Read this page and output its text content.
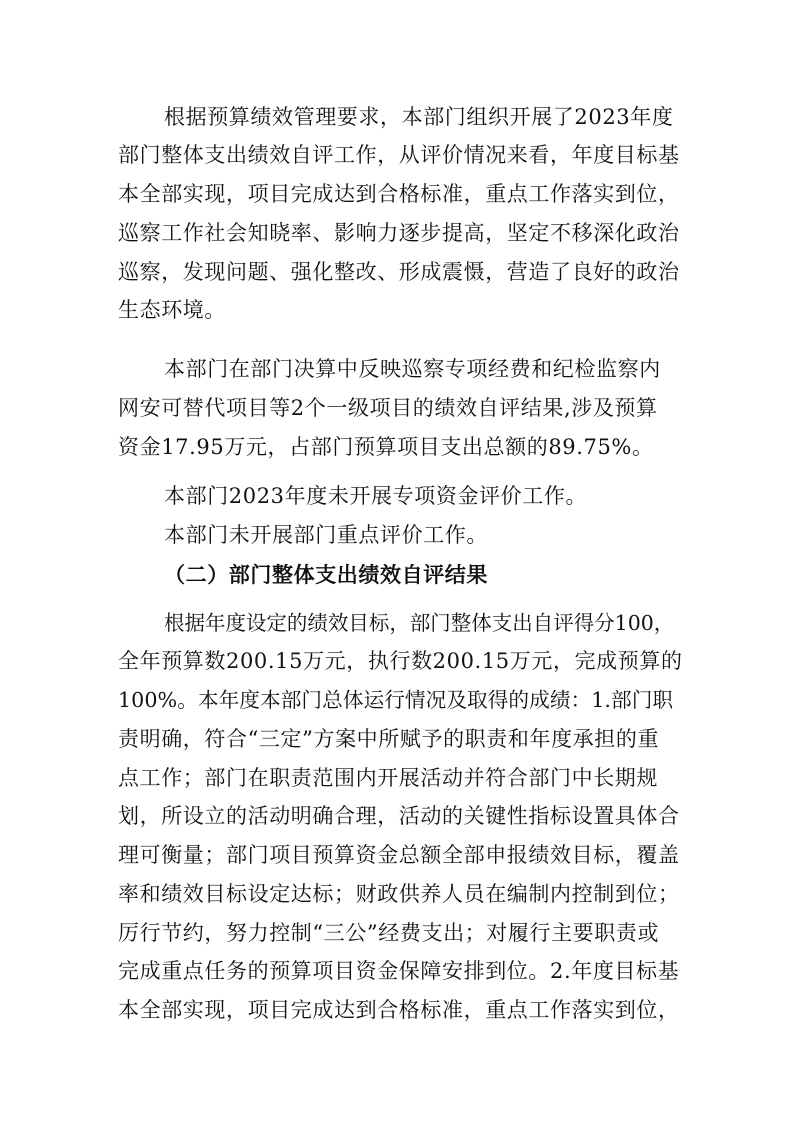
根据预算绩效管理要求，本部门组织开展了2023年度
部门整体支出绩效自评工作，从评价情况来看，年度目标基
本全部实现，项目完成达到合格标准，重点工作落实到位，
巡察工作社会知晓率、影响力逐步提高，坚定不移深化政治
巡察，发现问题、强化整改、形成震慑，营造了良好的政治
生态环境。
本部门在部门决算中反映巡察专项经费和纪检监察内
网安可替代项目等2个一级项目的绩效自评结果,涉及预算
资金17.95万元，占部门预算项目支出总额的89.75%。
本部门2023年度未开展专项资金评价工作。
本部门未开展部门重点评价工作。
（二）部门整体支出绩效自评结果
根据年度设定的绩效目标，部门整体支出自评得分100，
全年预算数200.15万元，执行数200.15万元，完成预算的
100%。本年度本部门总体运行情况及取得的成绩：1.部门职
责明确，符合“三定”方案中所赋予的职责和年度承担的重
点工作；部门在职责范围内开展活动并符合部门中长期规
划，所设立的活动明确合理，活动的关键性指标设置具体合
理可衡量；部门项目预算资金总额全部申报绩效目标，覆盖
率和绩效目标设定达标；财政供养人员在编制内控制到位；
厉行节约，努力控制“三公”经费支出；对履行主要职责或
完成重点任务的预算项目资金保障安排到位。2.年度目标基
本全部实现，项目完成达到合格标准，重点工作落实到位，
